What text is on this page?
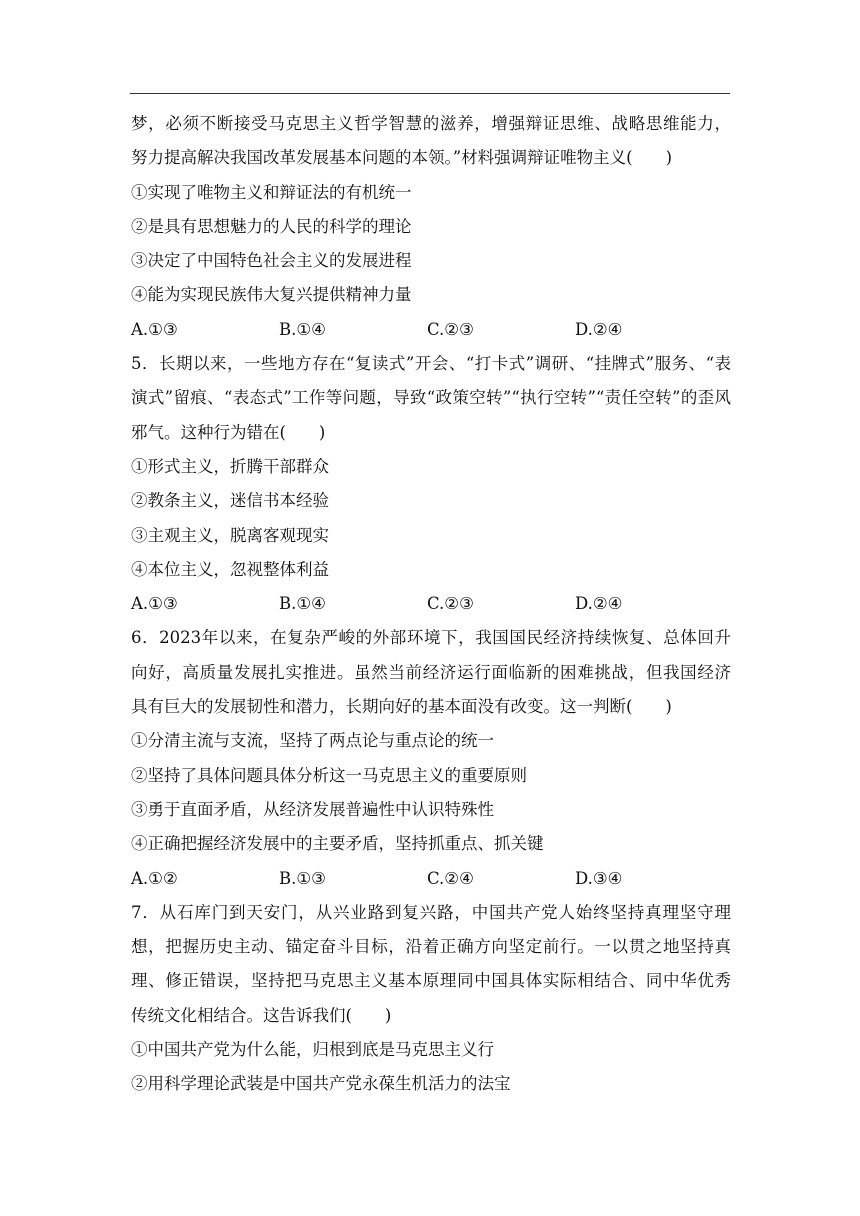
梦，必须不断接受马克思主义哲学智慧的滋养，增强辩证思维、战略思维能力，
努力提高解决我国改革发展基本问题的本领。”材料强调辩证唯物主义(　　)
①实现了唯物主义和辩证法的有机统一
②是具有思想魅力的人民的科学的理论
③决定了中国特色社会主义的发展进程
④能为实现民族伟大复兴提供精神力量
A.①③	B.①④	C.②③	D.②④
5．长期以来，一些地方存在“复读式”开会、“打卡式”调研、“挂牌式”服务、“表
演式”留痕、“表态式”工作等问题，导致“政策空转”“执行空转”“责任空转”的歪风
邪气。这种行为错在(　　)
①形式主义，折腾干部群众
②教条主义，迷信书本经验
③主观主义，脱离客观现实
④本位主义，忽视整体利益
A.①③	B.①④	C.②③	D.②④
6．2023年以来，在复杂严峻的外部环境下，我国国民经济持续恢复、总体回升
向好，高质量发展扎实推进。虽然当前经济运行面临新的困难挑战，但我国经济
具有巨大的发展韧性和潜力，长期向好的基本面没有改变。这一判断(　　)
①分清主流与支流，坚持了两点论与重点论的统一
②坚持了具体问题具体分析这一马克思主义的重要原则
③勇于直面矛盾，从经济发展普遍性中认识特殊性
④正确把握经济发展中的主要矛盾，坚持抓重点、抓关键
A.①②	B.①③	C.②④	D.③④
7．从石库门到天安门，从兴业路到复兴路，中国共产党人始终坚持真理坚守理
想，把握历史主动、锚定奋斗目标，沿着正确方向坚定前行。一以贯之地坚持真
理、修正错误，坚持把马克思主义基本原理同中国具体实际相结合、同中华优秀
传统文化相结合。这告诉我们(　　)
①中国共产党为什么能，归根到底是马克思主义行
②用科学理论武装是中国共产党永葆生机活力的法宝
